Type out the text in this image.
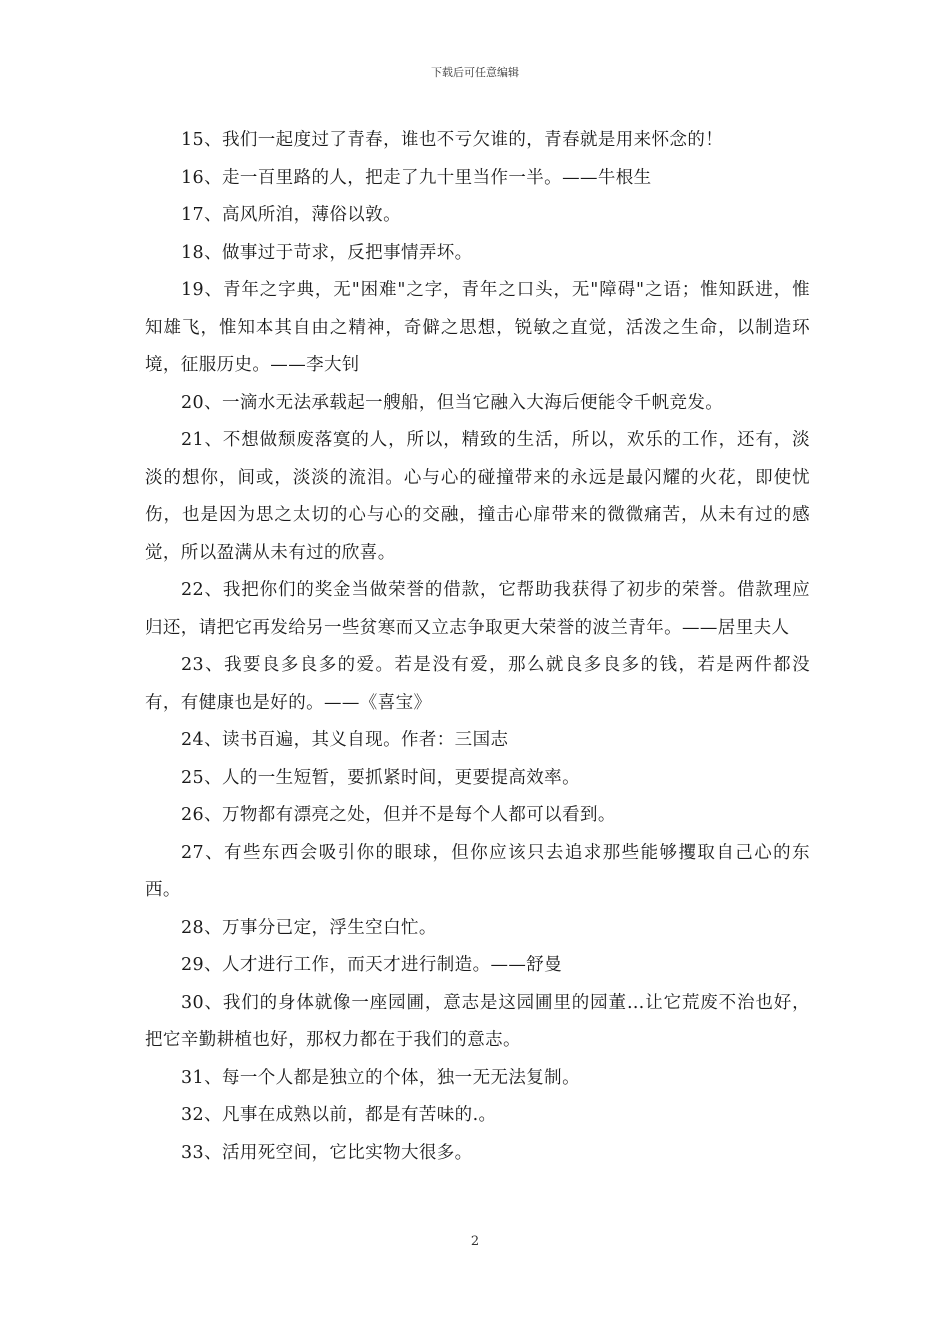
下载后可任意编辑

15、我们一起度过了青春，谁也不亏欠谁的，青春就是用来怀念的！

16、走一百里路的人，把走了九十里当作一半。——牛根生

17、高风所洎，薄俗以敦。

18、做事过于苛求，反把事情弄坏。

19、青年之字典，无"困难"之字，青年之口头，无"障碍"之语；惟知跃进，惟知雄飞，惟知本其自由之精神，奇僻之思想，锐敏之直觉，活泼之生命，以制造环境，征服历史。——李大钊

20、一滴水无法承载起一艘船，但当它融入大海后便能令千帆竞发。

21、不想做颓废落寞的人，所以，精致的生活，所以，欢乐的工作，还有，淡淡的想你，间或，淡淡的流泪。心与心的碰撞带来的永远是最闪耀的火花，即使忧伤，也是因为思之太切的心与心的交融，撞击心扉带来的微微痛苦，从未有过的感觉，所以盈满从未有过的欣喜。

22、我把你们的奖金当做荣誉的借款，它帮助我获得了初步的荣誉。借款理应归还，请把它再发给另一些贫寒而又立志争取更大荣誉的波兰青年。——居里夫人

23、我要良多良多的爱。若是没有爱，那么就良多良多的钱，若是两件都没有，有健康也是好的。——《喜宝》

24、读书百遍，其义自现。作者：三国志

25、人的一生短暂，要抓紧时间，更要提高效率。

26、万物都有漂亮之处，但并不是每个人都可以看到。

27、有些东西会吸引你的眼球，但你应该只去追求那些能够攫取自己心的东西。

28、万事分已定，浮生空白忙。

29、人才进行工作，而天才进行制造。——舒曼

30、我们的身体就像一座园圃，意志是这园圃里的园董…让它荒废不治也好，把它辛勤耕植也好，那权力都在于我们的意志。

31、每一个人都是独立的个体，独一无无法复制。

32、凡事在成熟以前，都是有苦味的.。

33、活用死空间，它比实物大很多。

2
